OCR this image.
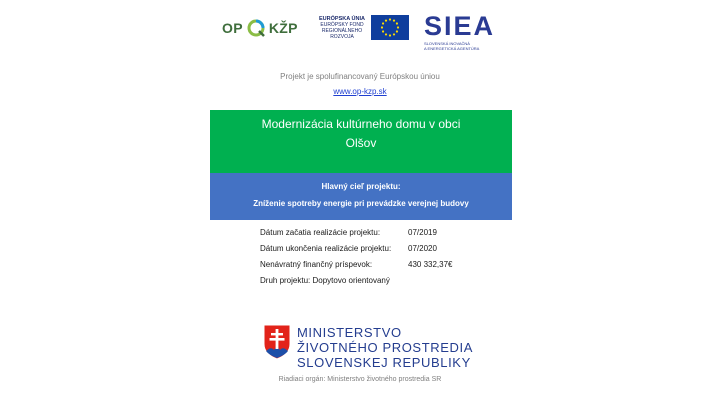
OP KŽP
EURÓPSKA ÚNIA
EURÓPSKY FOND
REGIONÁLNEHO ROZVOJA	SIEA
SLOVENSKÁ INOVAČNÁ
A ENERGETICKÁ AGENTÚRA
Projekt je spolufinancovaný Európskou úniou
www.op-kzp.sk
Modernizácia kultúrneho domu v obci
Olšov
Hlavný cieľ projektu:
Zníženie spotreby energie pri prevádzke verejnej budovy
Dátum začatia realizácie projektu:	07/2019
Dátum ukončenia realizácie projektu: 07/2020
Nenávratný finančný príspevok:	430 332,37€
Druh projektu: Dopytovo orientovaný
MINISTERSTVO
ŽIVOTNÉHO PROSTREDIA
SLOVENSKEJ REPUBLIKY
Riadiaci orgán: Ministerstvo životného prostredia SR
